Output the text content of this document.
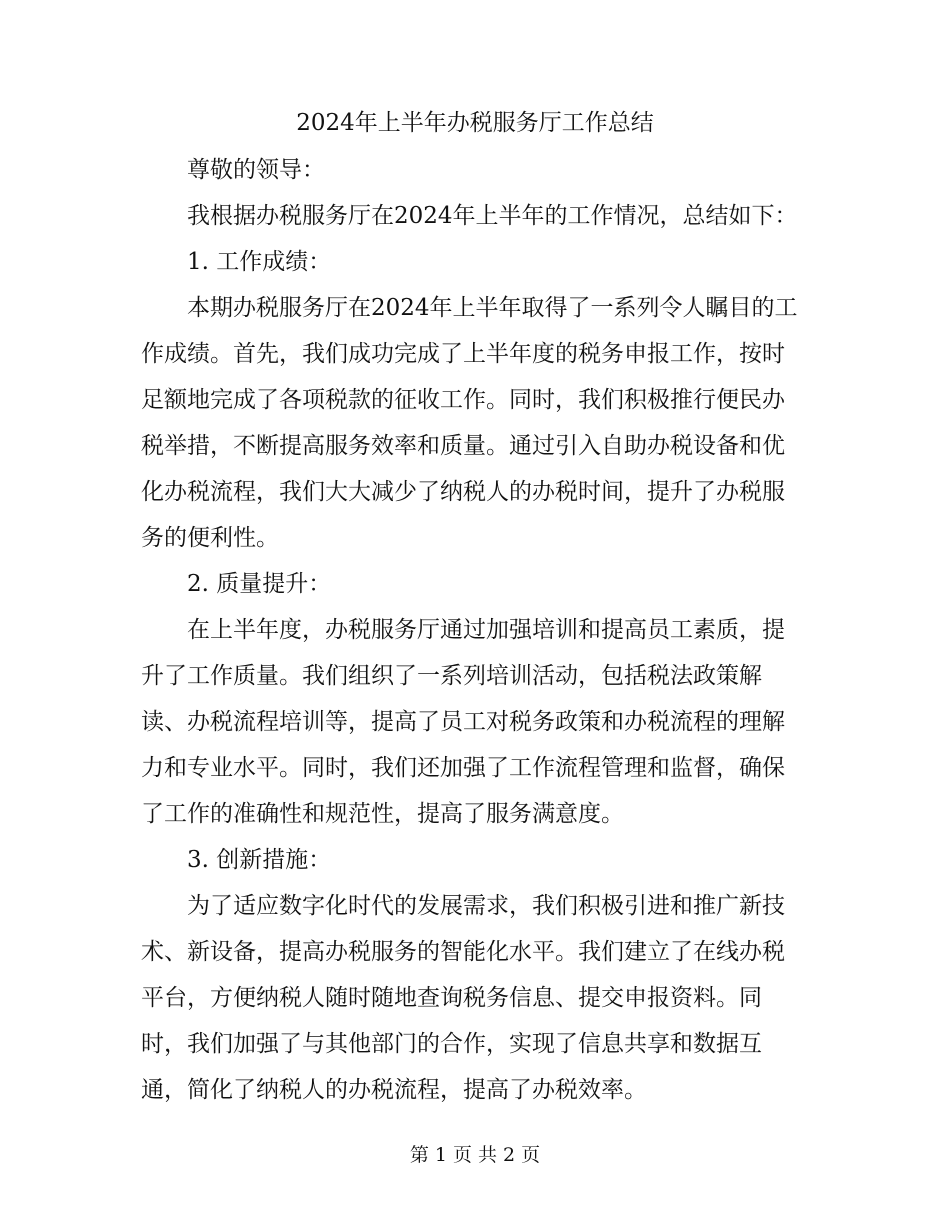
2024年上半年办税服务厅工作总结
尊敬的领导：
我根据办税服务厅在2024年上半年的工作情况，总结如下：
1. 工作成绩：
本期办税服务厅在2024年上半年取得了一系列令人瞩目的工
作成绩。首先，我们成功完成了上半年度的税务申报工作，按时
足额地完成了各项税款的征收工作。同时，我们积极推行便民办
税举措，不断提高服务效率和质量。通过引入自助办税设备和优
化办税流程，我们大大减少了纳税人的办税时间，提升了办税服
务的便利性。
2. 质量提升：
在上半年度，办税服务厅通过加强培训和提高员工素质，提
升了工作质量。我们组织了一系列培训活动，包括税法政策解
读、办税流程培训等，提高了员工对税务政策和办税流程的理解
力和专业水平。同时，我们还加强了工作流程管理和监督，确保
了工作的准确性和规范性，提高了服务满意度。
3. 创新措施：
为了适应数字化时代的发展需求，我们积极引进和推广新技
术、新设备，提高办税服务的智能化水平。我们建立了在线办税
平台，方便纳税人随时随地查询税务信息、提交申报资料。同
时，我们加强了与其他部门的合作，实现了信息共享和数据互
通，简化了纳税人的办税流程，提高了办税效率。
第 1 页 共 2 页
